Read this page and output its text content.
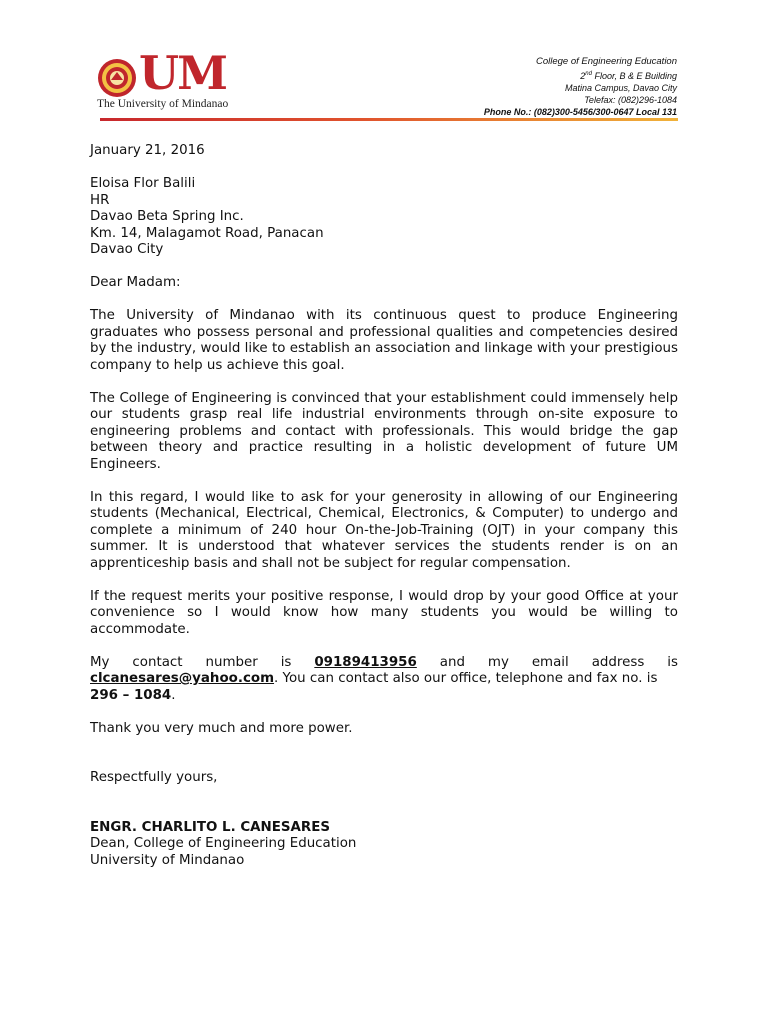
UM
The University of Mindanao
College of Engineering Education
2nd Floor, B & E Building
Matina Campus, Davao City
Telefax: (082)296-1084
Phone No.: (082)300-5456/300-0647 Local 131

January 21, 2016

Eloisa Flor Balili

HR

Davao Beta Spring Inc.

Km. 14, Malagamot Road, Panacan

Davao City

Dear Madam:

The University of Mindanao with its continuous quest to produce Engineering graduates who possess personal and professional qualities and competencies desired by the industry, would like to establish an association and linkage with your prestigious company to help us achieve this goal.

The College of Engineering is convinced that your establishment could immensely help our students grasp real life industrial environments through on-site exposure to engineering problems and contact with professionals. This would bridge the gap between theory and practice resulting in a holistic development of future UM Engineers.

In this regard, I would like to ask for your generosity in allowing of our Engineering students (Mechanical, Electrical, Chemical, Electronics, & Computer) to undergo and complete a minimum of 240 hour On-the-Job-Training (OJT) in your company this summer. It is understood that whatever services the students render is on an apprenticeship basis and shall not be subject for regular compensation.

If the request merits your positive response, I would drop by your good Office at your convenience so I would know how many students you would be willing to accommodate.

My contact number is 09189413956 and my email address is

clcanesares@yahoo.com. You can contact also our office, telephone and fax no. is

296 – 1084.

Thank you very much and more power.

Respectfully yours,

ENGR. CHARLITO L. CANESARES

Dean, College of Engineering Education

University of Mindanao
